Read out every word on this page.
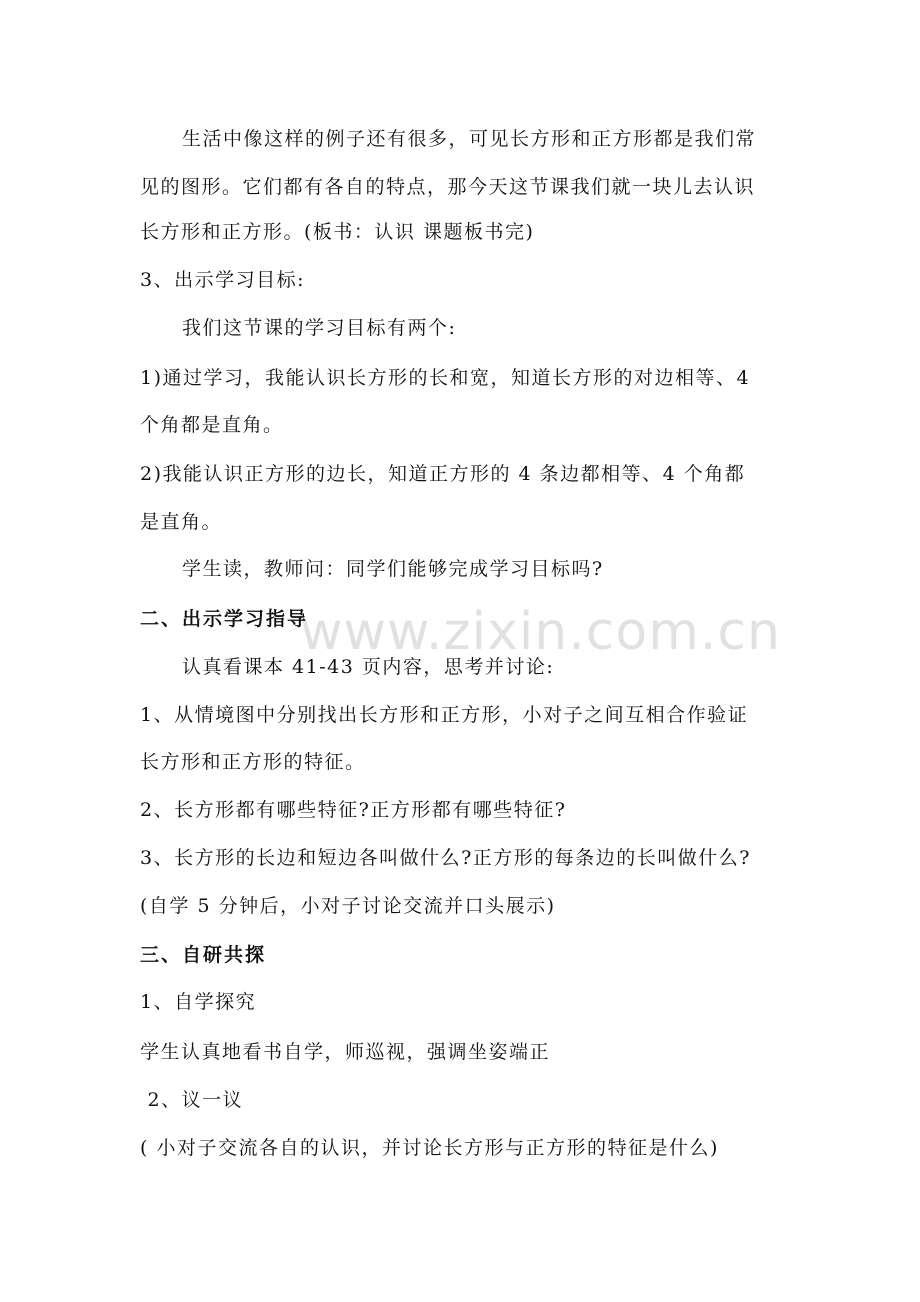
生活中像这样的例子还有很多，可见长方形和正方形都是我们常
见的图形。它们都有各自的特点，那今天这节课我们就一块儿去认识
长方形和正方形。(板书：认识 课题板书完)
3、出示学习目标:
我们这节课的学习目标有两个:
1)通过学习，我能认识长方形的长和宽，知道长方形的对边相等、4
个角都是直角。
2)我能认识正方形的边长，知道正方形的 4 条边都相等、4 个角都
是直角。
学生读，教师问：同学们能够完成学习目标吗?
二、出示学习指导
认真看课本 41-43 页内容，思考并讨论:
1、从情境图中分别找出长方形和正方形，小对子之间互相合作验证
长方形和正方形的特征。
2、长方形都有哪些特征?正方形都有哪些特征?
3、长方形的长边和短边各叫做什么?正方形的每条边的长叫做什么?
(自学 5 分钟后，小对子讨论交流并口头展示)
三、自研共探
1、自学探究
学生认真地看书自学，师巡视，强调坐姿端正
2、议一议
( 小对子交流各自的认识，并讨论长方形与正方形的特征是什么)
www.zixin.com.cn
